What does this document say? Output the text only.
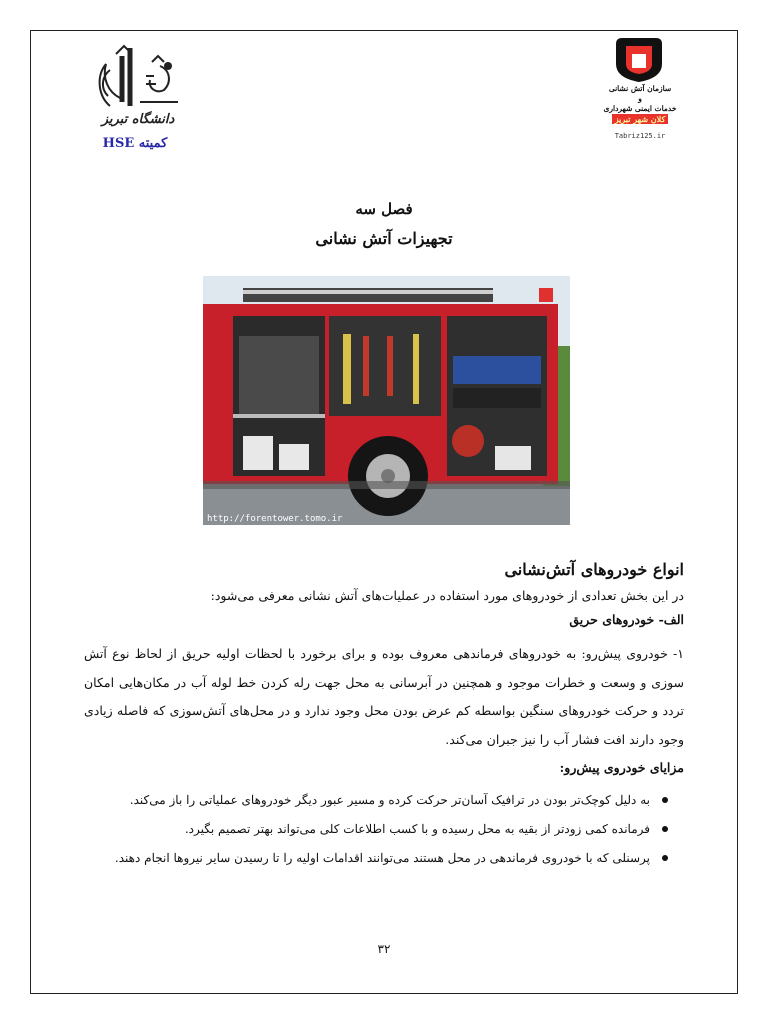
دانشگاه تبریز
کمیته HSE
سازمان آتش نشانی
و
خدمات ایمنی شهرداری
کلان شهر تبریز
Tabriz125.ir
فصل سه
تجهیزات آتش نشانی
http://forentower.tomo.ir
انواع خودروهای آتش‌نشانی
در این بخش تعدادی از خودروهای مورد استفاده در عملیات‌های آتش نشانی معرفی می‌شود:
الف- خودروهای حریق
۱- خودروی پیش‌رو: به خودروهای فرماندهی معروف بوده و برای برخورد با لحظات اولیه حریق از لحاظ نوع آتش سوزی و وسعت و خطرات موجود و همچنین در آبرسانی به محل جهت رله کردن خط لوله آب در مکان‌هایی امکان تردد و حرکت خودروهای سنگین بواسطه کم عرض بودن محل وجود ندارد و در محل‌های آتش‌سوزی که فاصله زیادی وجود دارند افت فشار آب را نیز جبران می‌کند.
مزایای خودروی پیش‌رو:
به دلیل کوچک‌تر بودن در ترافیک آسان‌تر حرکت کرده و مسیر عبور دیگر خودروهای عملیاتی را باز می‌کند.
فرمانده کمی زودتر از بقیه به محل رسیده و با کسب اطلاعات کلی می‌تواند بهتر تصمیم بگیرد.
پرسنلی که با خودروی فرماندهی در محل هستند می‌توانند اقدامات اولیه را تا رسیدن سایر نیروها انجام دهند.
۳۲
